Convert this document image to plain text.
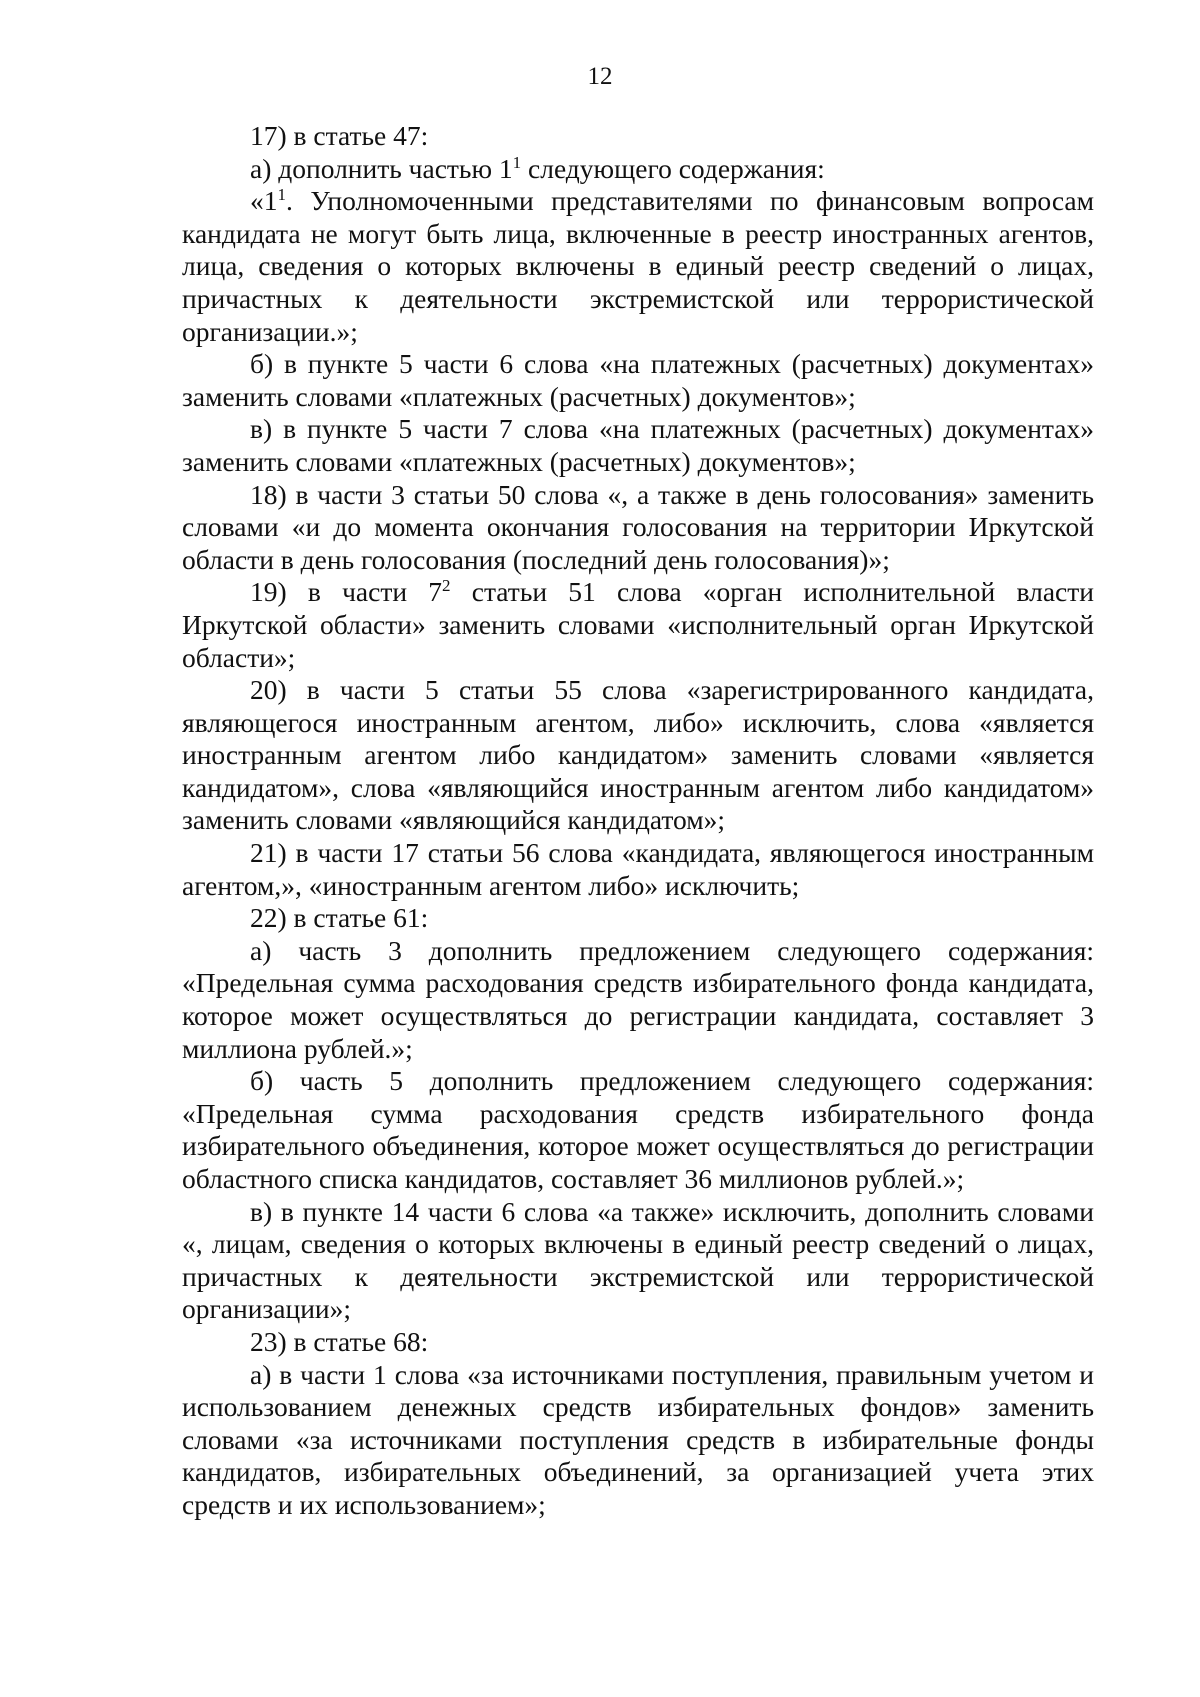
12

17) в статье 47:

а) дополнить частью $1^1$ следующего содержания:

«$1^1$. Уполномоченными представителями по финансовым вопросам кандидата не могут быть лица, включенные в реестр иностранных агентов, лица, сведения о которых включены в единый реестр сведений о лицах, причастных к деятельности экстремистской или террористической организации.»;

б) в пункте 5 части 6 слова «на платежных (расчетных) документах» заменить словами «платежных (расчетных) документов»;

в) в пункте 5 части 7 слова «на платежных (расчетных) документах» заменить словами «платежных (расчетных) документов»;

18) в части 3 статьи 50 слова «, а также в день голосования» заменить словами «и до момента окончания голосования на территории Иркутской области в день голосования (последний день голосования)»;

19) в части $7^2$ статьи 51 слова «орган исполнительной власти Иркутской области» заменить словами «исполнительный орган Иркутской области»;

20) в части 5 статьи 55 слова «зарегистрированного кандидата, являющегося иностранным агентом, либо» исключить, слова «является иностранным агентом либо кандидатом» заменить словами «является кандидатом», слова «являющийся иностранным агентом либо кандидатом» заменить словами «являющийся кандидатом»;

21) в части 17 статьи 56 слова «кандидата, являющегося иностранным агентом,», «иностранным агентом либо» исключить;

22) в статье 61:

а) часть 3 дополнить предложением следующего содержания: «Предельная сумма расходования средств избирательного фонда кандидата, которое может осуществляться до регистрации кандидата, составляет 3 миллиона рублей.»;

б) часть 5 дополнить предложением следующего содержания: «Предельная сумма расходования средств избирательного фонда избирательного объединения, которое может осуществляться до регистрации областного списка кандидатов, составляет 36 миллионов рублей.»;

в) в пункте 14 части 6 слова «а также» исключить, дополнить словами «, лицам, сведения о которых включены в единый реестр сведений о лицах, причастных к деятельности экстремистской или террористической организации»;

23) в статье 68:

а) в части 1 слова «за источниками поступления, правильным учетом и использованием денежных средств избирательных фондов» заменить словами «за источниками поступления средств в избирательные фонды кандидатов, избирательных объединений, за организацией учета этих средств и их использованием»;
